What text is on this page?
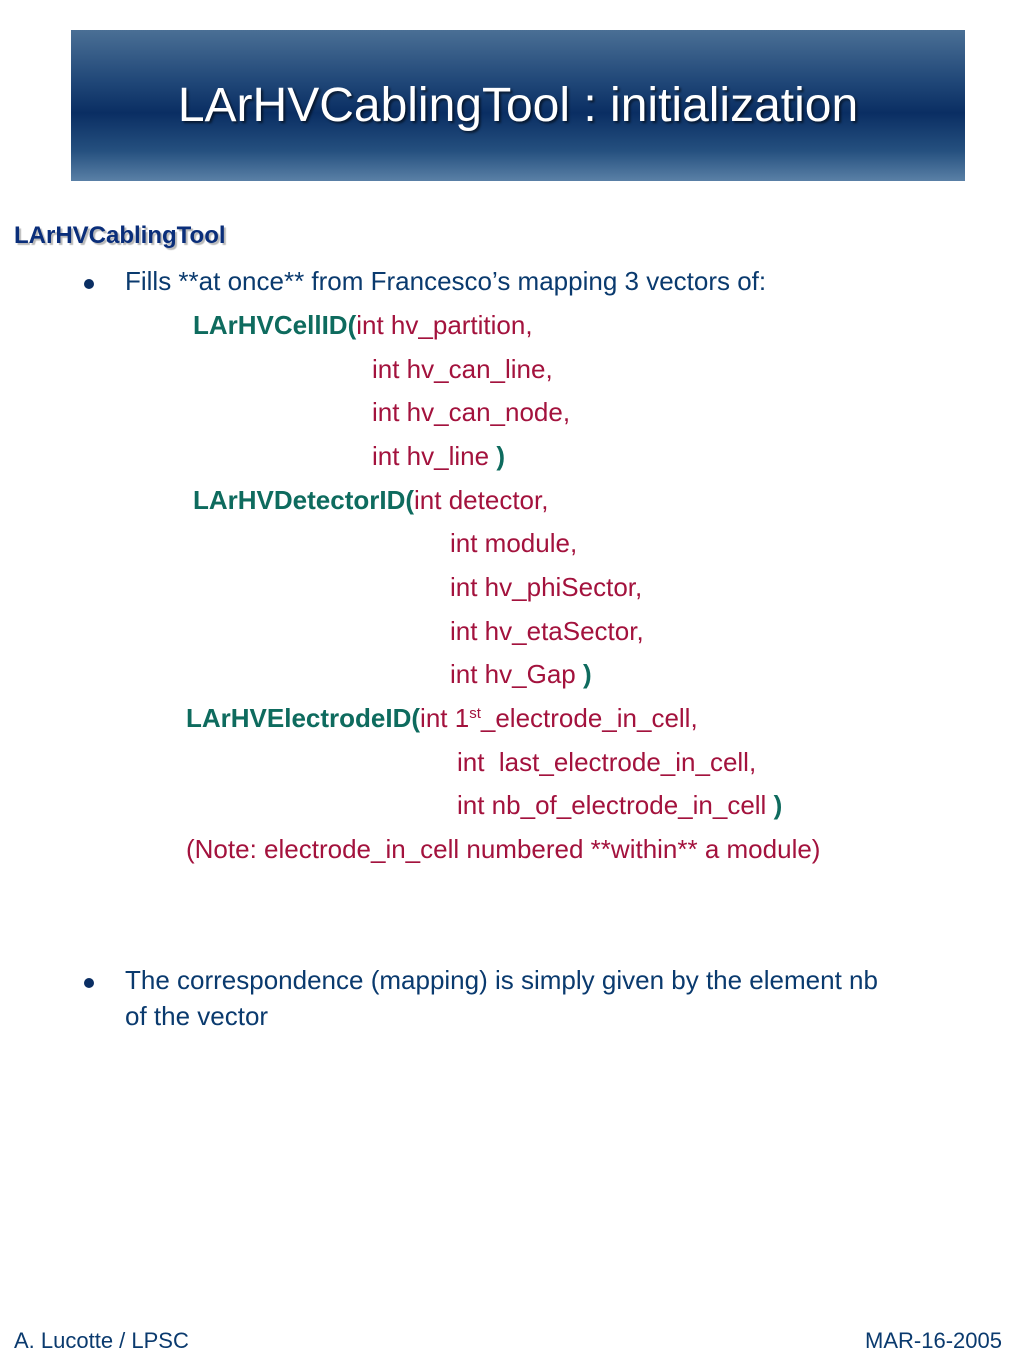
LArHVCablingTool : initialization
LArHVCablingTool
Fills **at once** from Francesco’s mapping 3 vectors of:
LArHVCellID(int hv_partition,
int hv_can_line,
int hv_can_node,
int hv_line )
LArHVDetectorID(int detector,
int module,
int hv_phiSector,
int hv_etaSector,
int hv_Gap )
LArHVElectrodeID(int 1st_electrode_in_cell,
int  last_electrode_in_cell,
int nb_of_electrode_in_cell )
(Note: electrode_in_cell numbered **within** a module)
The correspondence (mapping) is simply given by the element nb
of the vector
A. Lucotte / LPSC	MAR-16-2005
